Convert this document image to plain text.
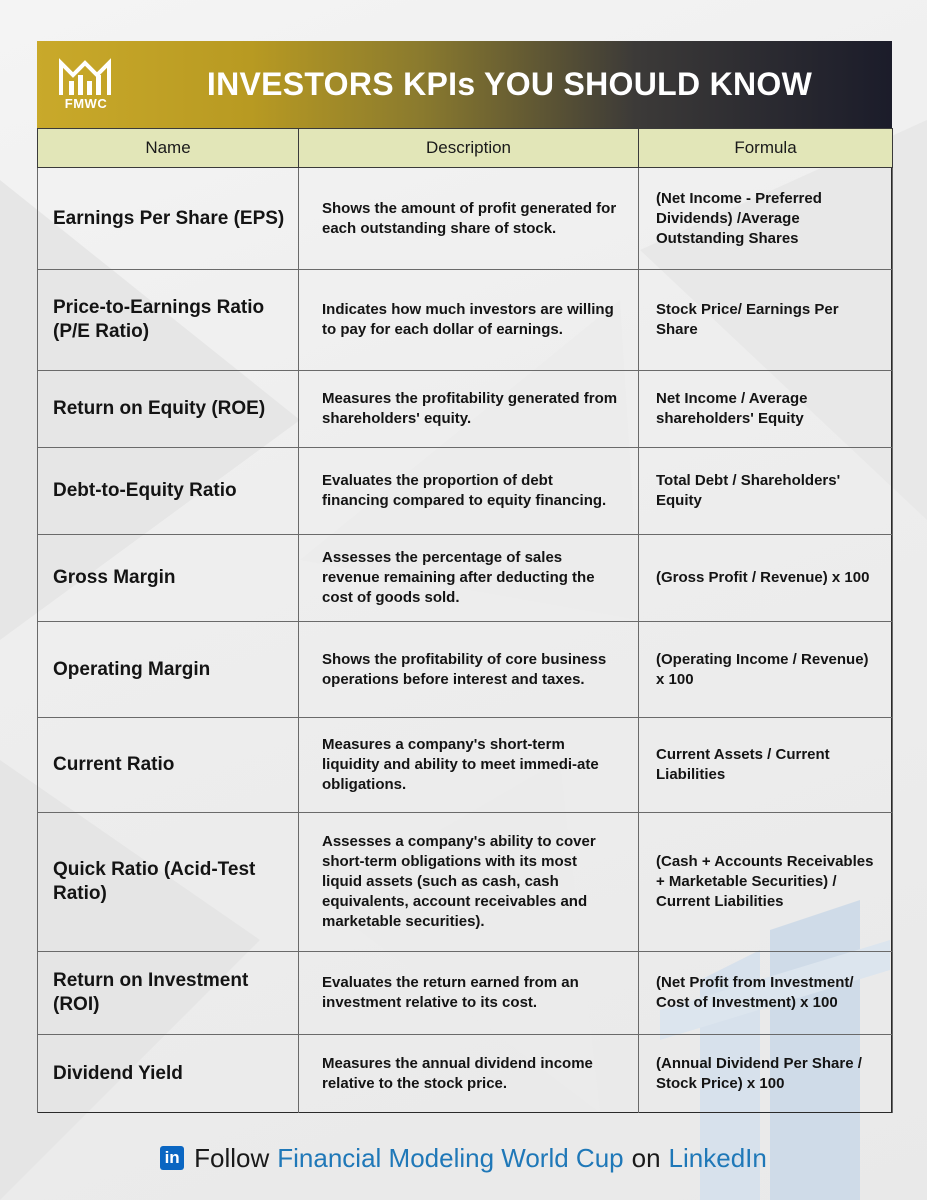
FMWC
INVESTORS KPIs YOU SHOULD KNOW
Name	Description	Formula
Earnings Per Share (EPS)	Shows the amount of profit generated for each outstanding share of stock.	(Net Income - Preferred Dividends) /Average Outstanding Shares
Price-to-Earnings Ratio (P/E Ratio)	Indicates how much investors are willing to pay for each dollar of earnings.	Stock Price/ Earnings Per Share
Return on Equity (ROE)	Measures the profitability generated from shareholders' equity.	Net Income / Average shareholders' Equity
Debt-to-Equity Ratio	Evaluates the proportion of debt financing compared to equity financing.	Total Debt / Shareholders' Equity
Gross Margin	Assesses the percentage of sales revenue remaining after deducting the cost of goods sold.	(Gross Profit / Revenue) x 100
Operating Margin	Shows the profitability of core business operations before interest and taxes.	(Operating Income / Revenue) x 100
Current Ratio	Measures a company's short-term liquidity and ability to meet immedi-ate obligations.	Current Assets / Current Liabilities
Quick Ratio (Acid-Test Ratio)	Assesses a company's ability to cover short-term obligations with its most liquid assets (such as cash, cash equivalents, account receivables and marketable securities).	(Cash + Accounts Receivables + Marketable Securities) / Current Liabilities
Return on Investment (ROI)	Evaluates the return earned from an investment relative to its cost.	(Net Profit from Investment/ Cost of Investment) x 100
Dividend Yield	Measures the annual dividend income relative to the stock price.	(Annual Dividend Per Share / Stock Price) x 100
in Follow Financial Modeling World Cup on LinkedIn
